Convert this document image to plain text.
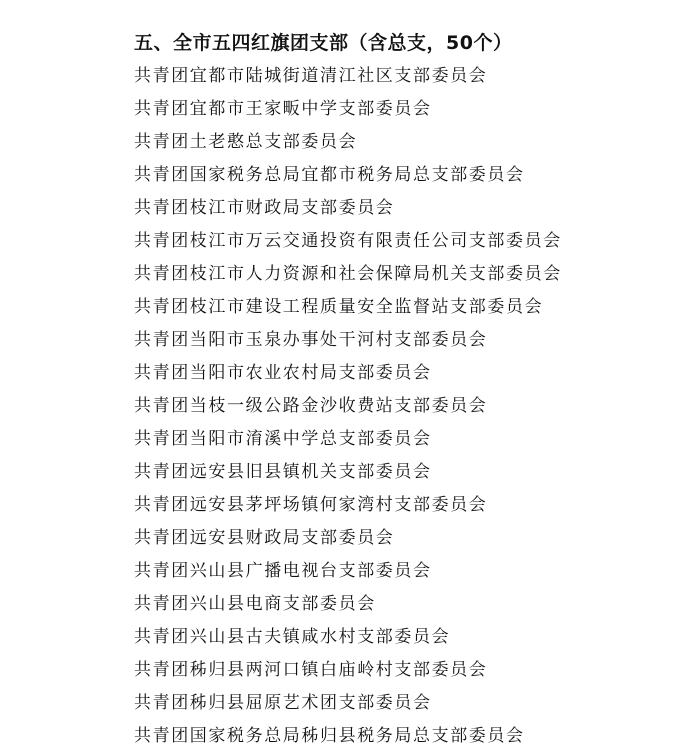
五、全市五四红旗团支部（含总支，50个）
共青团宜都市陆城街道清江社区支部委员会
共青团宜都市王家畈中学支部委员会
共青团土老憨总支部委员会
共青团国家税务总局宜都市税务局总支部委员会
共青团枝江市财政局支部委员会
共青团枝江市万云交通投资有限责任公司支部委员会
共青团枝江市人力资源和社会保障局机关支部委员会
共青团枝江市建设工程质量安全监督站支部委员会
共青团当阳市玉泉办事处干河村支部委员会
共青团当阳市农业农村局支部委员会
共青团当枝一级公路金沙收费站支部委员会
共青团当阳市淯溪中学总支部委员会
共青团远安县旧县镇机关支部委员会
共青团远安县茅坪场镇何家湾村支部委员会
共青团远安县财政局支部委员会
共青团兴山县广播电视台支部委员会
共青团兴山县电商支部委员会
共青团兴山县古夫镇咸水村支部委员会
共青团秭归县两河口镇白庙岭村支部委员会
共青团秭归县屈原艺术团支部委员会
共青团国家税务总局秭归县税务局总支部委员会
